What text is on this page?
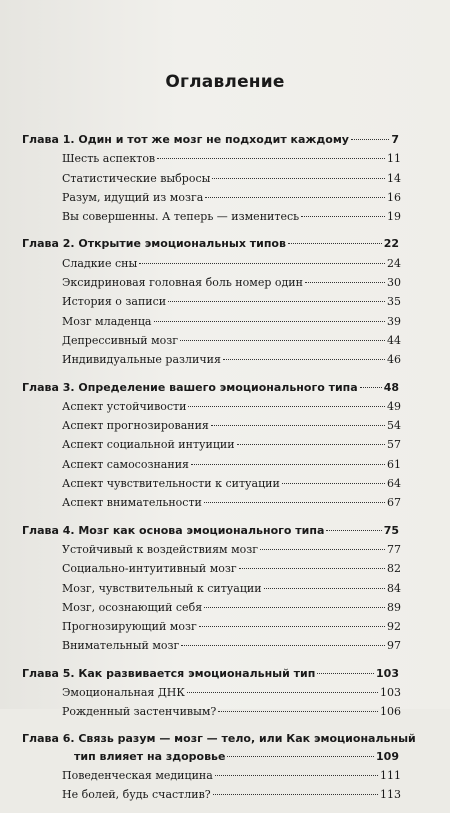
Оглавление
Глава 1. Один и тот же мозг не подходит каждому	7
Шесть аспектов	11
Статистические выбросы	14
Разум, идущий из мозга	16
Вы совершенны. А теперь — изменитесь	19
Глава 2. Открытие эмоциональных типов	22
Сладкие сны	24
Эксидриновая головная боль номер один	30
История о записи	35
Мозг младенца	39
Депрессивный мозг	44
Индивидуальные различия	46
Глава 3. Определение вашего эмоционального типа 48
Аспект устойчивости	49
Аспект прогнозирования	54
Аспект социальной интуиции	57
Аспект самосознания	61
Аспект чувствительности к ситуации	64
Аспект внимательности	67
Глава 4. Мозг как основа эмоционального типа	75
Устойчивый к воздействиям мозг	77
Социально-интуитивный мозг	82
Мозг, чувствительный к ситуации	84
Мозг, осознающий себя	89
Прогнозирующий мозг	92
Внимательный мозг	97
Глава 5. Как развивается эмоциональный тип	103
Эмоциональная ДНК	103
Рожденный застенчивым?	106
Глава 6. Связь разум — мозг — тело, или Как эмоциональный
тип влияет на здоровье	109
Поведенческая медицина	111
Не болей, будь счастлив?	113
